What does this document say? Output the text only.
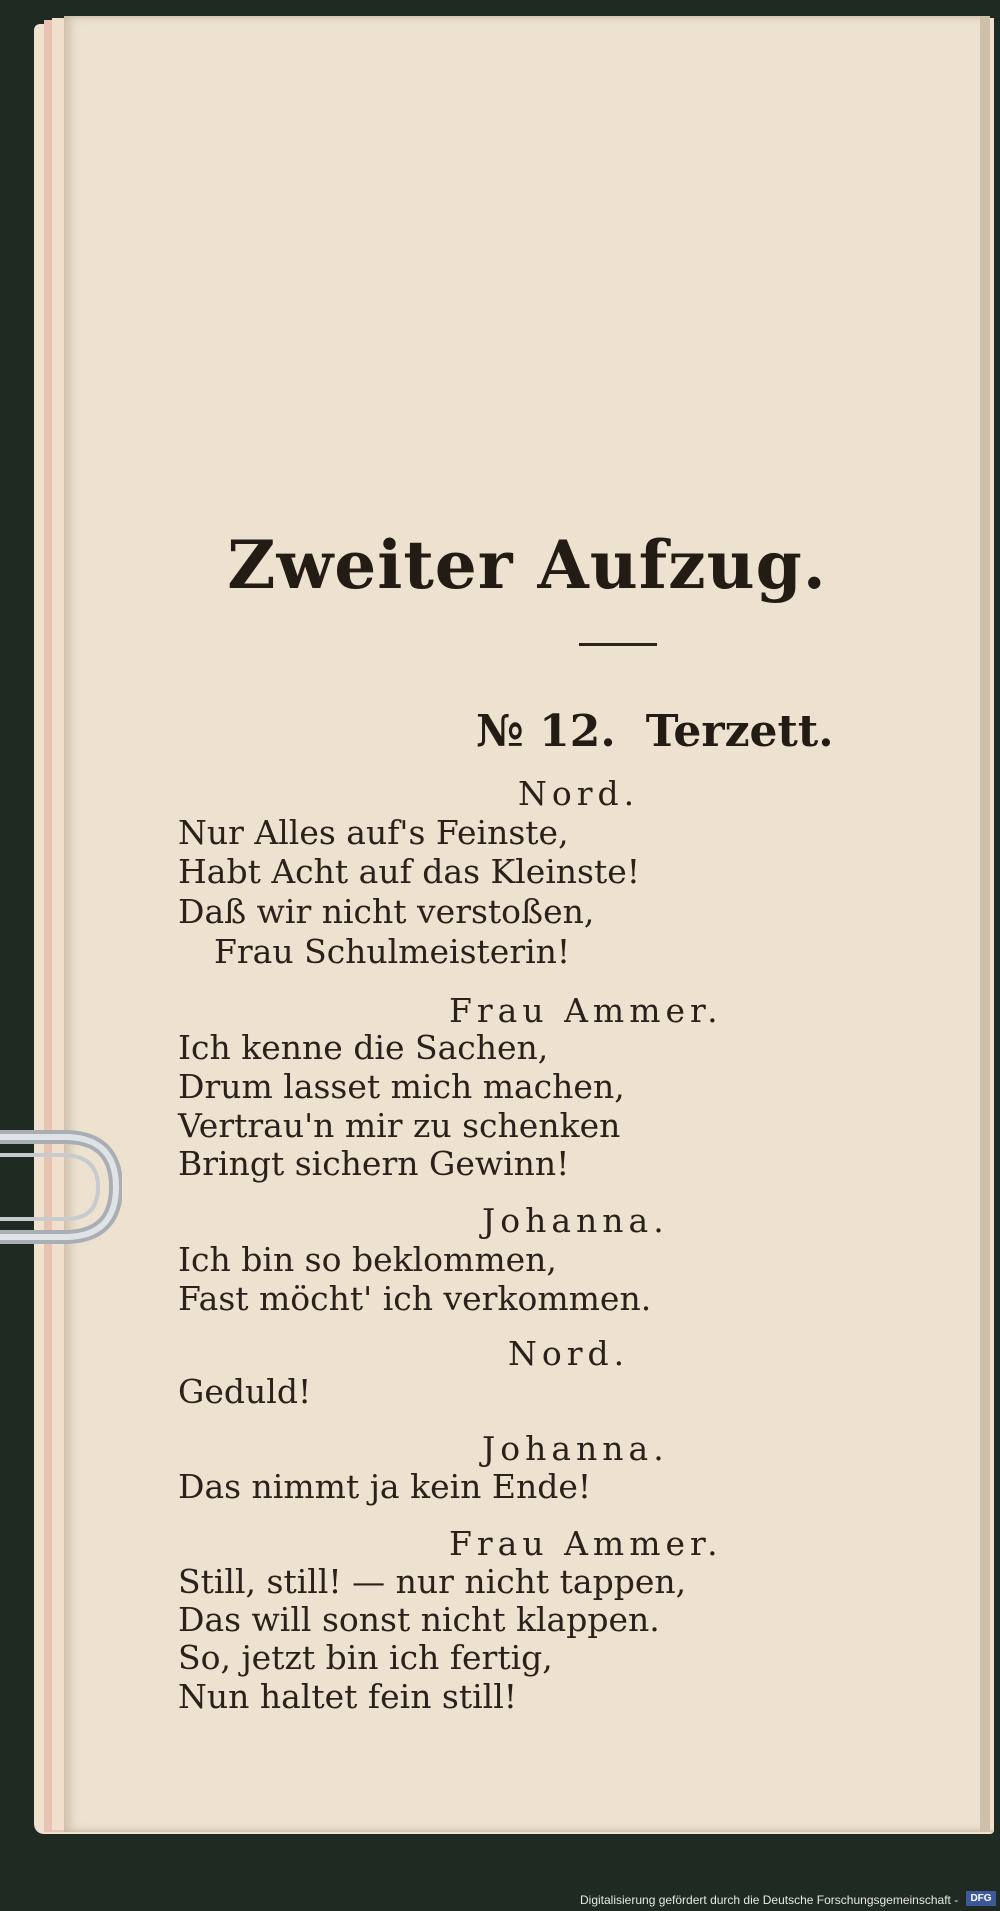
Zweiter Aufzug.
№ 12. Terzett.
Nord.
Nur Alles auf's Feinste,
Habt Acht auf das Kleinste!
Daß wir nicht verstoßen,
Frau Schulmeisterin!
Frau Ammer.
Ich kenne die Sachen,
Drum lasset mich machen,
Vertrau'n mir zu schenken
Bringt sichern Gewinn!
Johanna.
Ich bin so beklommen,
Fast möcht' ich verkommen.
Nord.
Geduld!
Johanna.
Das nimmt ja kein Ende!
Frau Ammer.
Still, still! — nur nicht tappen,
Das will sonst nicht klappen.
So, jetzt bin ich fertig,
Nun haltet fein still!
Digitalisierung gefördert durch die Deutsche Forschungsgemeinschaft -	DFG
